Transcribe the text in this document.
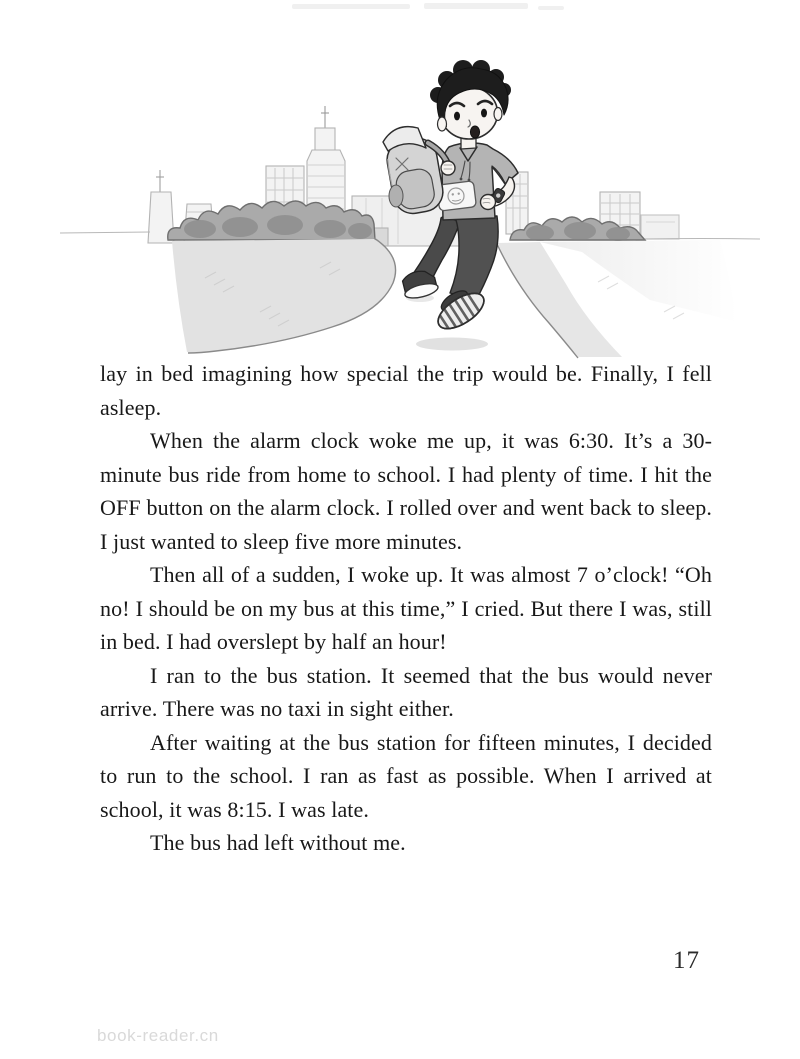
lay in bed imagining how special the trip would be. Finally, I fell asleep.

When the alarm clock woke me up, it was 6:30. It’s a 30-minute bus ride from home to school. I had plenty of time. I hit the OFF button on the alarm clock. I rolled over and went back to sleep. I just wanted to sleep five more minutes.

Then all of a sudden, I woke up. It was almost 7 o’clock! “Oh no! I should be on my bus at this time,” I cried. But there I was, still in bed. I had overslept by half an hour!

I ran to the bus station. It seemed that the bus would never arrive. There was no taxi in sight either.

After waiting at the bus station for fifteen minutes, I decided to run to the school. I ran as fast as possible. When I arrived at school, it was 8:15. I was late.

The bus had left without me.

17
book-reader.cn
